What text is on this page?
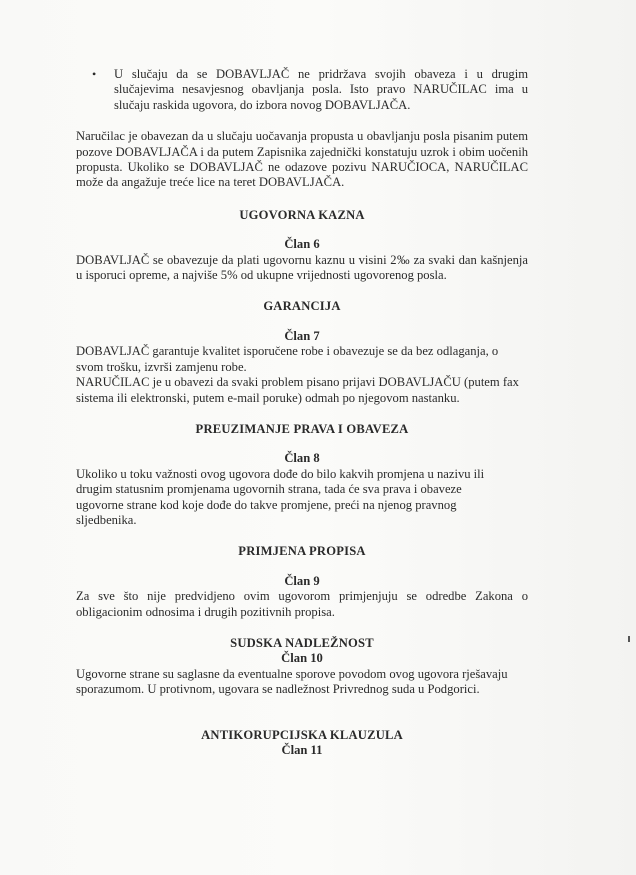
•	U slučaju da se DOBAVLJAČ ne pridržava svojih obaveza i u drugim slučajevima nesavjesnog obavljanja posla. Isto pravo NARUČILAC ima u slučaju raskida ugovora, do izbora novog DOBAVLJAČA.

Naručilac je obavezan da u slučaju uočavanja propusta u obavljanju posla pisanim putem pozove DOBAVLJAČA i da putem Zapisnika zajednički konstatuju uzrok i obim uočenih propusta. Ukoliko se DOBAVLJAČ ne odazove pozivu NARUČIOCA, NARUČILAC može da angažuje treće lice na teret DOBAVLJAČA.

UGOVORNA KAZNA
Član 6

DOBAVLJAČ se obavezuje da plati ugovornu kaznu u visini 2‰ za svaki dan kašnjenja u isporuci opreme, a najviše 5% od ukupne vrijednosti ugovorenog posla.

GARANCIJA
Član 7

DOBAVLJAČ garantuje kvalitet isporučene robe i obavezuje se da bez odlaganja, o svom trošku, izvrši zamjenu robe.

NARUČILAC je u obavezi da svaki problem pisano prijavi DOBAVLJAČU (putem fax sistema ili elektronski, putem e-mail poruke) odmah po njegovom nastanku.

PREUZIMANJE PRAVA I OBAVEZA
Član 8

Ukoliko u toku važnosti ovog ugovora dođe do bilo kakvih promjena u nazivu ili drugim statusnim promjenama ugovornih strana, tada će sva prava i obaveze ugovorne strane kod koje dođe do takve promjene, preći na njenog pravnog sljedbenika.

PRIMJENA PROPISA
Član 9

Za sve što nije predvidjeno ovim ugovorom primjenjuju se odredbe Zakona o obligacionim odnosima i drugih pozitivnih propisa.

SUDSKA NADLEŽNOST
Član 10

Ugovorne strane su saglasne da eventualne sporove povodom ovog ugovora rješavaju sporazumom. U protivnom, ugovara se nadležnost Privrednog suda u Podgorici.

ANTIKORUPCIJSKA KLAUZULA
Član 11
